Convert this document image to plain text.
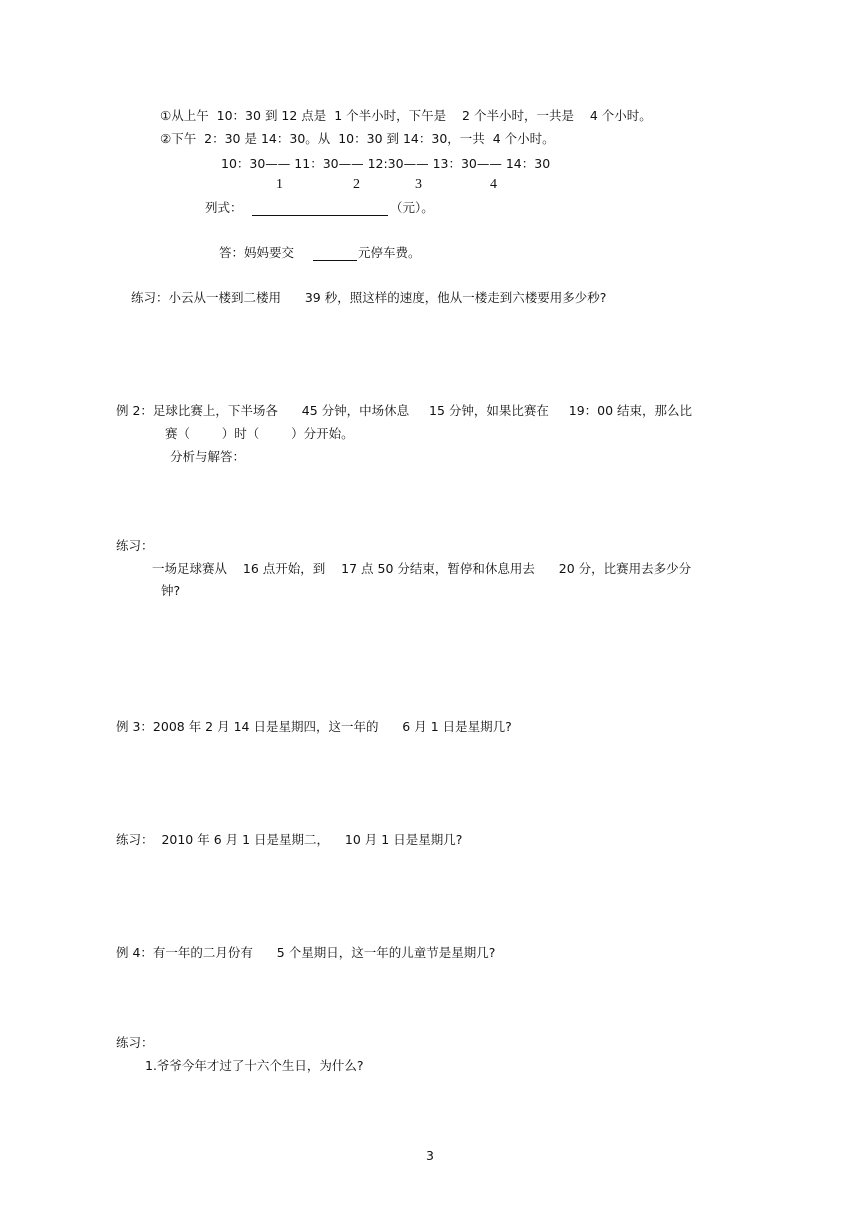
①从上午  10：30 到 12 点是  1 个半小时，下午是    2 个半小时，一共是    4 个小时。
②下午  2：30 是 14：30。从  10：30 到 14：30，一共  4 个小时。
10：30—— 11：30—— 12:30—— 13：30—— 14：30
1	2	3	4
列式：	（元）。
答：妈妈要交	元停车费。
练习：小云从一楼到二楼用      39 秒，照这样的速度，他从一楼走到六楼要用多少秒?
例 2：足球比赛上，下半场各      45 分钟，中场休息     15 分钟，如果比赛在     19：00 结束，那么比
赛（        ）时（        ）分开始。
分析与解答：
练习：
一场足球赛从    16 点开始，到    17 点 50 分结束，暂停和休息用去      20 分，比赛用去多少分
钟?
例 3：2008 年 2 月 14 日是星期四，这一年的      6 月 1 日是星期几?
练习：  2010 年 6 月 1 日是星期二，    10 月 1 日是星期几?
例 4：有一年的二月份有      5 个星期日，这一年的儿童节是星期几?
练习：
1.爷爷今年才过了十六个生日，为什么?
3
